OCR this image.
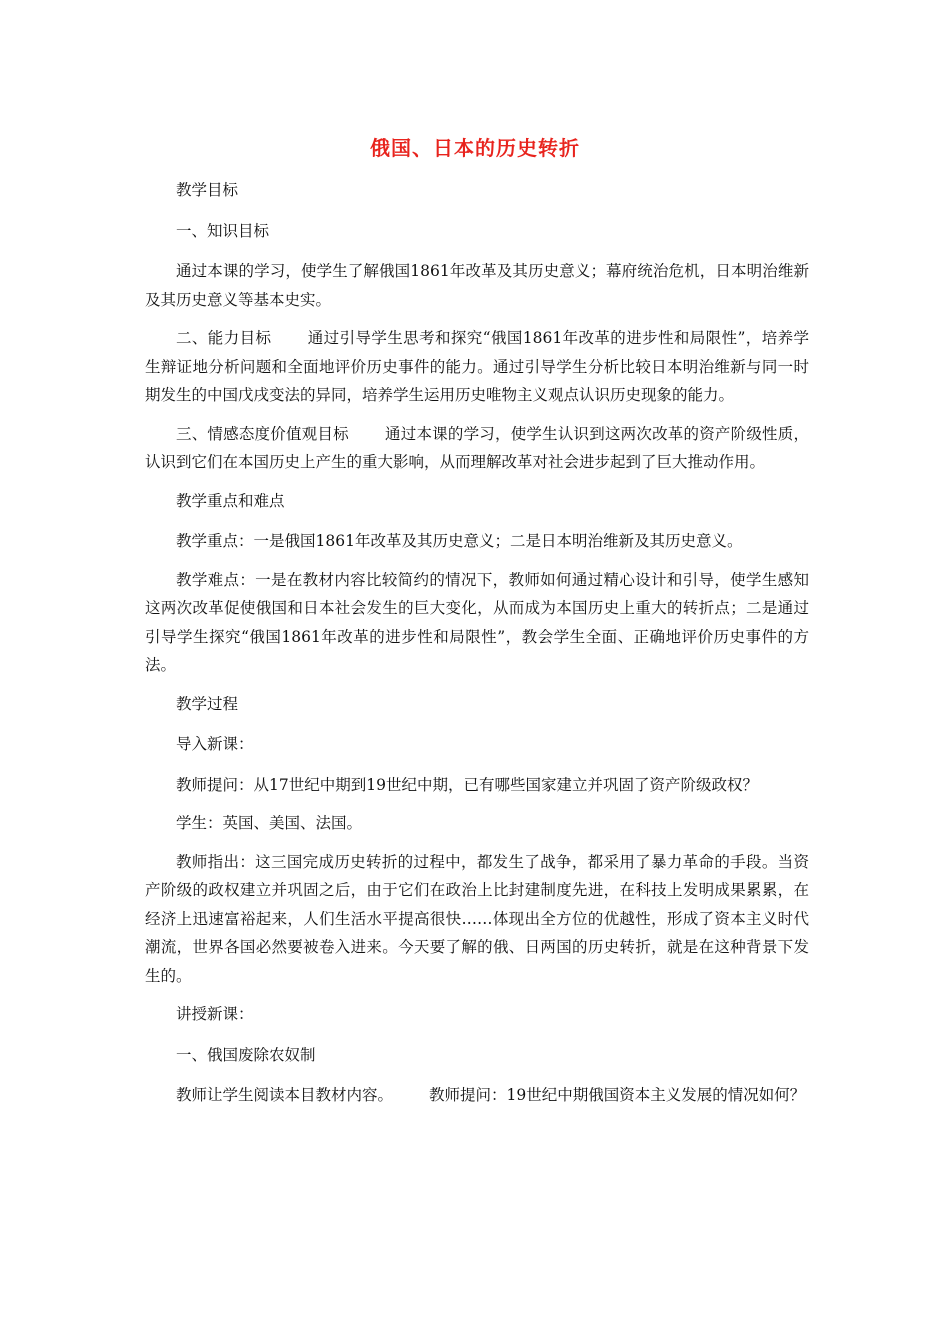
俄国、日本的历史转折

教学目标

一、知识目标

通过本课的学习，使学生了解俄国1861年改革及其历史意义；幕府统治危机，日本明治维新及其历史意义等基本史实。

二、能力目标 通过引导学生思考和探究“俄国1861年改革的进步性和局限性”，培养学生辩证地分析问题和全面地评价历史事件的能力。通过引导学生分析比较日本明治维新与同一时期发生的中国戊戌变法的异同，培养学生运用历史唯物主义观点认识历史现象的能力。

三、情感态度价值观目标 通过本课的学习，使学生认识到这两次改革的资产阶级性质，认识到它们在本国历史上产生的重大影响，从而理解改革对社会进步起到了巨大推动作用。

教学重点和难点

教学重点：一是俄国1861年改革及其历史意义；二是日本明治维新及其历史意义。

教学难点：一是在教材内容比较简约的情况下，教师如何通过精心设计和引导，使学生感知这两次改革促使俄国和日本社会发生的巨大变化，从而成为本国历史上重大的转折点；二是通过引导学生探究“俄国1861年改革的进步性和局限性”，教会学生全面、正确地评价历史事件的方法。

教学过程

导入新课：

教师提问：从17世纪中期到19世纪中期，已有哪些国家建立并巩固了资产阶级政权？

学生：英国、美国、法国。

教师指出：这三国完成历史转折的过程中，都发生了战争，都采用了暴力革命的手段。当资产阶级的政权建立并巩固之后，由于它们在政治上比封建制度先进，在科技上发明成果累累，在经济上迅速富裕起来，人们生活水平提高很快……体现出全方位的优越性，形成了资本主义时代潮流，世界各国必然要被卷入进来。今天要了解的俄、日两国的历史转折，就是在这种背景下发生的。

讲授新课：

一、俄国废除农奴制

教师让学生阅读本目教材内容。 教师提问：19世纪中期俄国资本主义发展的情况如何？
